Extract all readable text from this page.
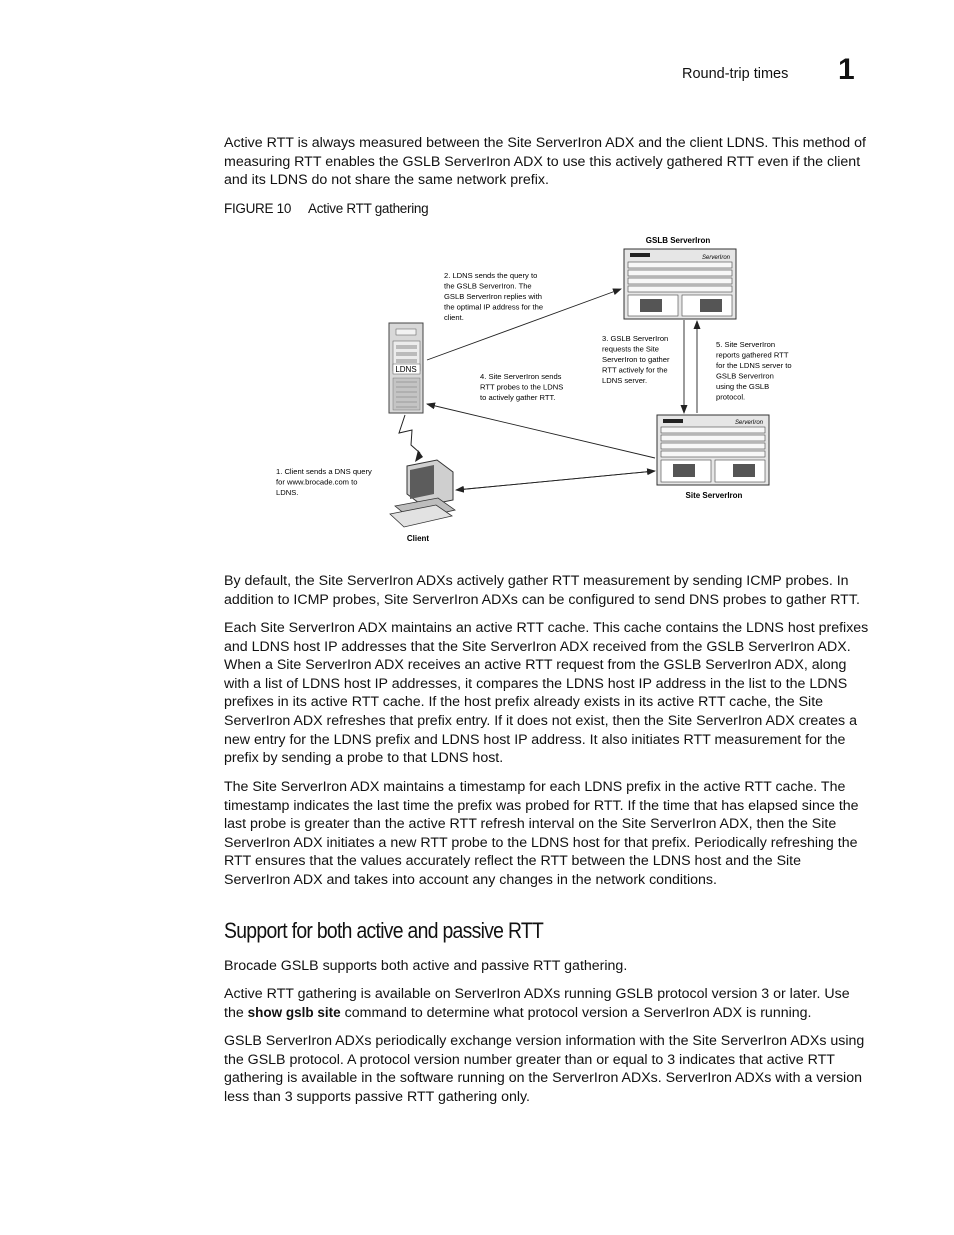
Round-trip times 1

Active RTT is always measured between the Site ServerIron ADX and the client LDNS. This method of measuring RTT enables the GSLB ServerIron ADX to use this actively gathered RTT even if the client and its LDNS do not share the same network prefix.

FIGURE 10 Active RTT gathering
GSLB ServerIron
ServerIron
ServerIron
Site ServerIron
LDNS
Client
2. LDNS sends the query to the GSLB ServerIron. The GSLB ServerIron replies with the optimal IP address for the client.
3. GSLB ServerIron requests the Site ServerIron to gather RTT actively for the LDNS server.
5. Site ServerIron reports gathered RTT for the LDNS server to GSLB ServerIron using the GSLB protocol.
4. Site ServerIron sends RTT probes to the LDNS to actively gather RTT.
1. Client sends a DNS query for www.brocade.com to LDNS.

By default, the Site ServerIron ADXs actively gather RTT measurement by sending ICMP probes. In addition to ICMP probes, Site ServerIron ADXs can be configured to send DNS probes to gather RTT.

Each Site ServerIron ADX maintains an active RTT cache. This cache contains the LDNS host prefixes and LDNS host IP addresses that the Site ServerIron ADX received from the GSLB ServerIron ADX. When a Site ServerIron ADX receives an active RTT request from the GSLB ServerIron ADX, along with a list of LDNS host IP addresses, it compares the LDNS host IP address in the list to the LDNS prefixes in its active RTT cache. If the host prefix already exists in its active RTT cache, the Site ServerIron ADX refreshes that prefix entry. If it does not exist, then the Site ServerIron ADX creates a new entry for the LDNS prefix and LDNS host IP address. It also initiates RTT measurement for the prefix by sending a probe to that LDNS host.

The Site ServerIron ADX maintains a timestamp for each LDNS prefix in the active RTT cache. The timestamp indicates the last time the prefix was probed for RTT. If the time that has elapsed since the last probe is greater than the active RTT refresh interval on the Site ServerIron ADX, then the Site ServerIron ADX initiates a new RTT probe to the LDNS host for that prefix. Periodically refreshing the RTT ensures that the values accurately reflect the RTT between the LDNS host and the Site ServerIron ADX and takes into account any changes in the network conditions.

Support for both active and passive RTT

Brocade GSLB supports both active and passive RTT gathering.

Active RTT gathering is available on ServerIron ADXs running GSLB protocol version 3 or later. Use the show gslb site command to determine what protocol version a ServerIron ADX is running.

GSLB ServerIron ADXs periodically exchange version information with the Site ServerIron ADXs using the GSLB protocol. A protocol version number greater than or equal to 3 indicates that active RTT gathering is available in the software running on the ServerIron ADXs. ServerIron ADXs with a version less than 3 supports passive RTT gathering only.
